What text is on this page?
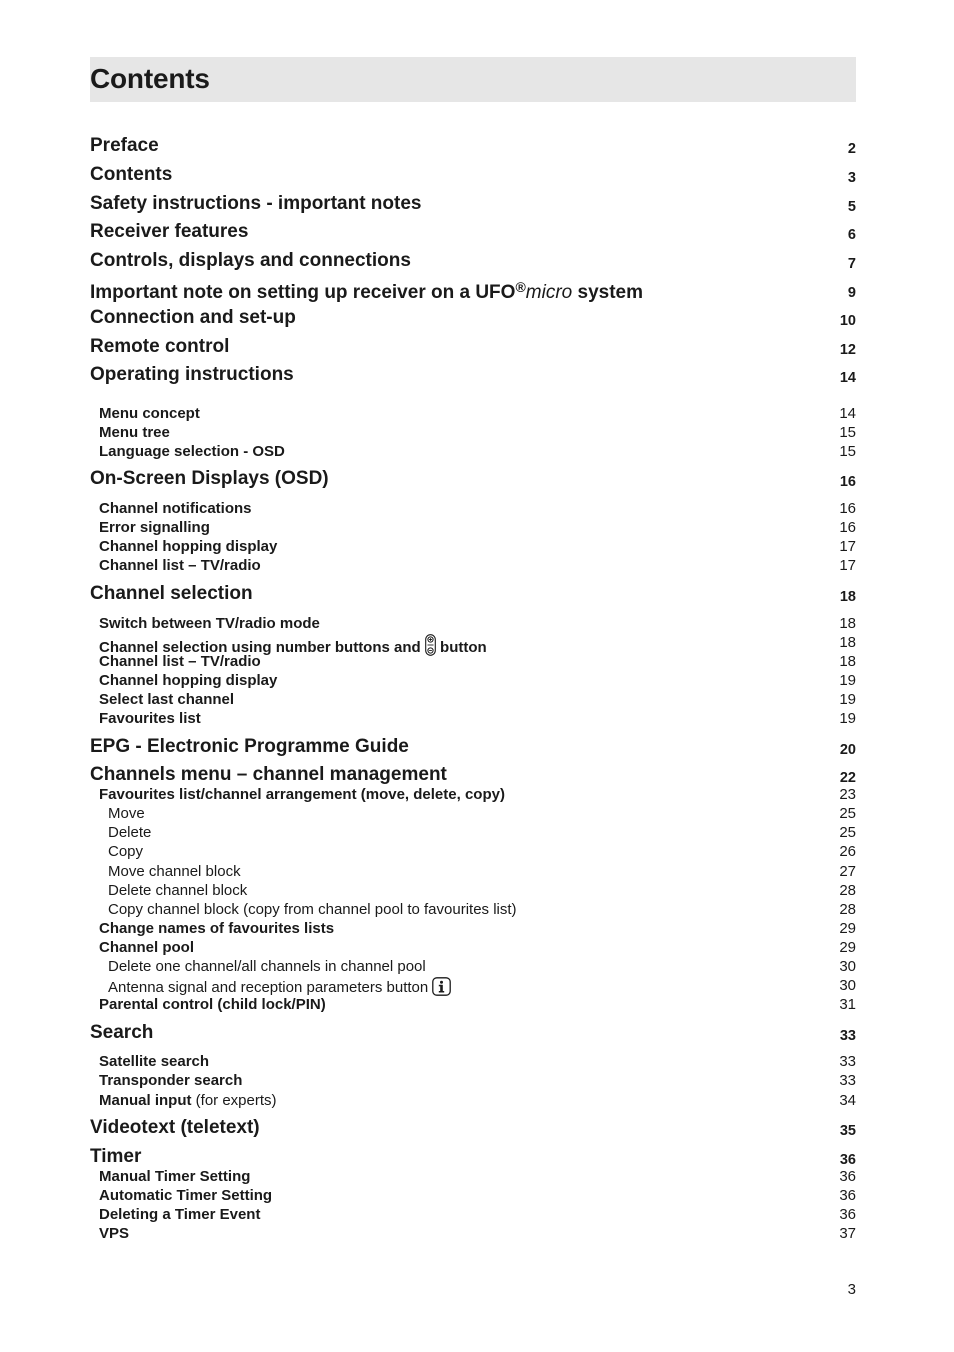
Contents
Preface	2
Contents	3
Safety instructions - important notes	5
Receiver features	6
Controls, displays and connections	7
Important note on setting up receiver on a UFO®micro system	9
Connection and set-up	10
Remote control	12
Operating instructions	14
Menu concept	14
Menu tree	15
Language selection - OSD	15
On-Screen Displays (OSD)	16
Channel notifications	16
Error signalling	16
Channel hopping display	17
Channel list – TV/radio	17
Channel selection	18
Switch between TV/radio mode	18
Channel selection using number buttons and button	18
Channel list – TV/radio	18
Channel hopping display	19
Select last channel	19
Favourites list	19
EPG - Electronic Programme Guide	20
Channels menu – channel management	22
Favourites list/channel arrangement (move, delete, copy)	23
Move	25
Delete	25
Copy	26
Move channel block	27
Delete channel block	28
Copy channel block (copy from channel pool to favourites list)	28
Change names of favourites lists	29
Channel pool	29
Delete one channel/all channels in channel pool	30
Antenna signal and reception parameters button	30
Parental control (child lock/PIN)	31
Search	33
Satellite search	33
Transponder search	33
Manual input (for experts)	34
Videotext (teletext)	35
Timer	36
Manual Timer Setting	36
Automatic Timer Setting	36
Deleting a Timer Event	36
VPS	37
3
